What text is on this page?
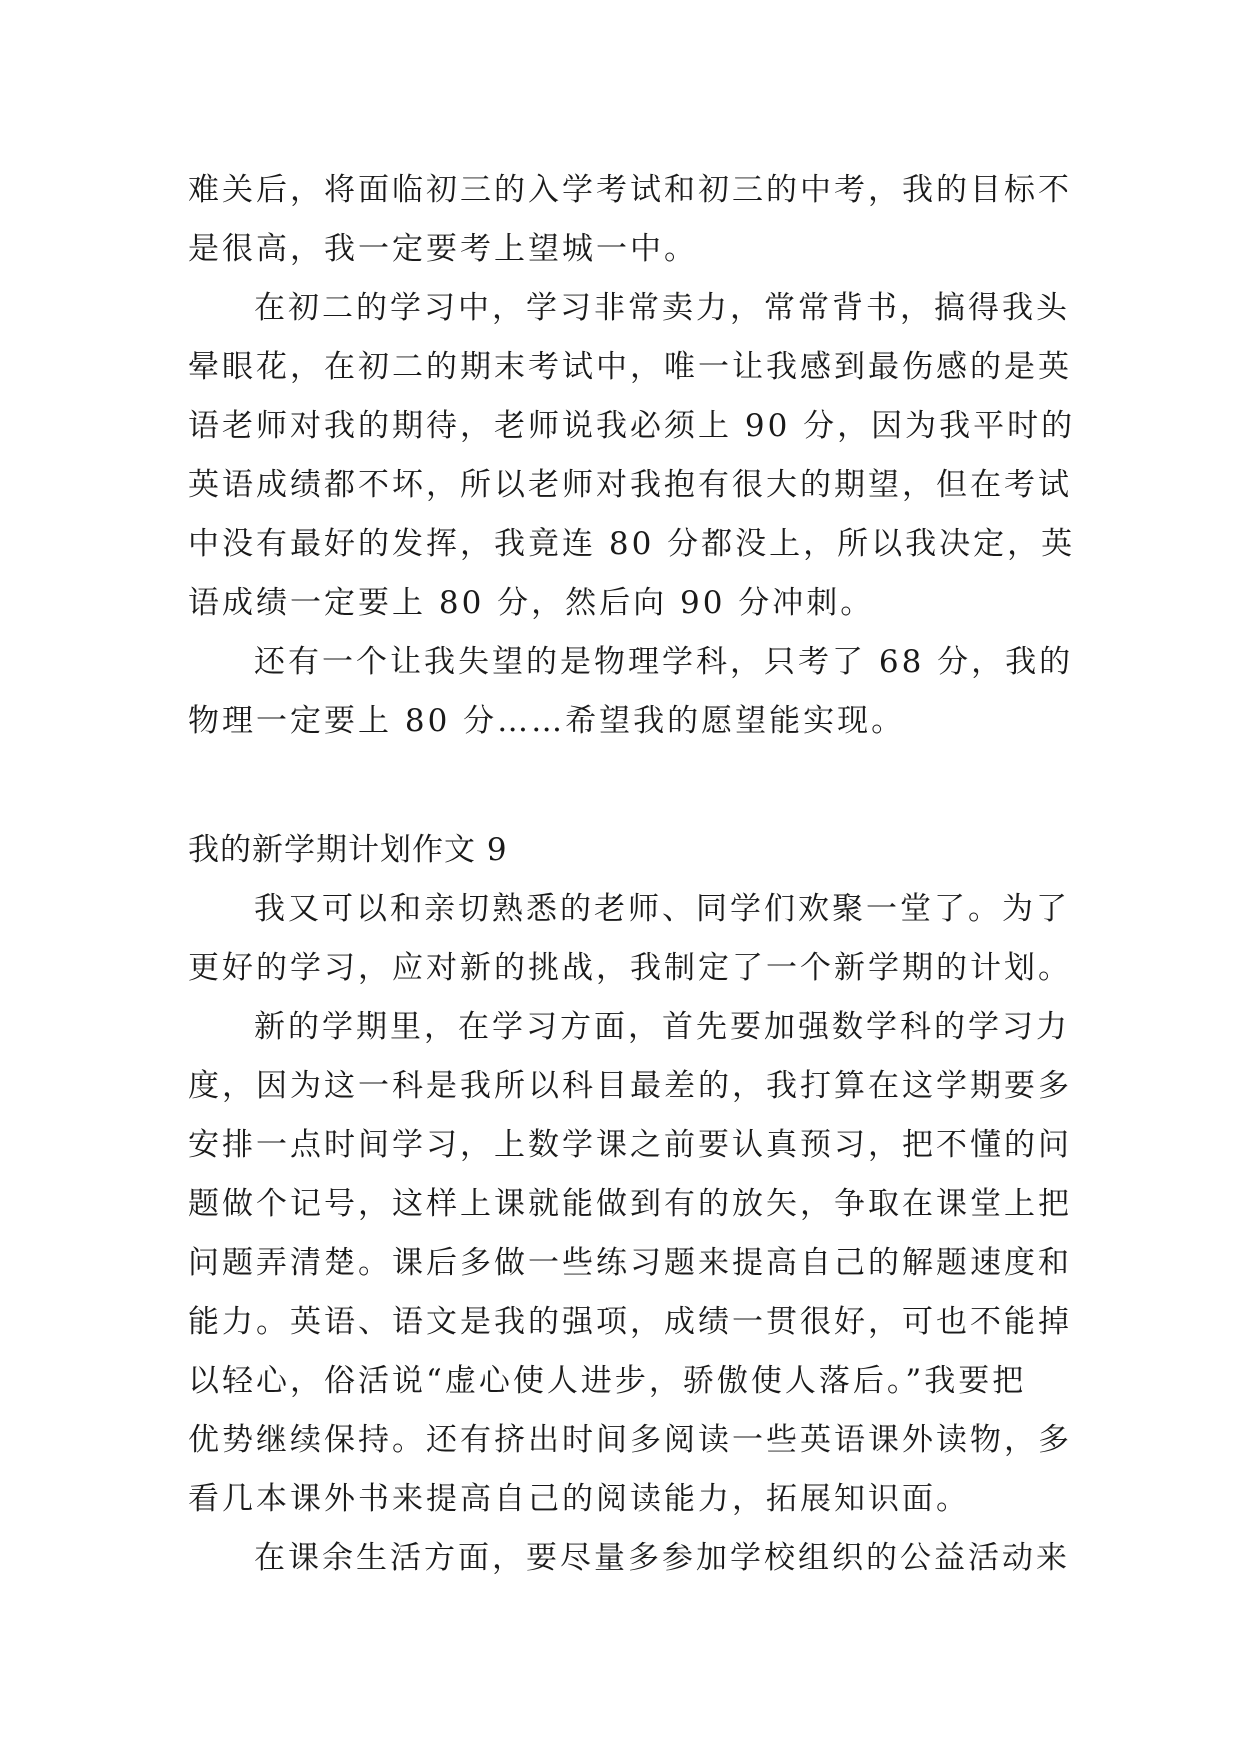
难关后，将面临初三的入学考试和初三的中考，我的目标不
是很高，我一定要考上望城一中。
在初二的学习中，学习非常卖力，常常背书，搞得我头
晕眼花，在初二的期末考试中，唯一让我感到最伤感的是英
语老师对我的期待，老师说我必须上 90 分，因为我平时的
英语成绩都不坏，所以老师对我抱有很大的期望，但在考试
中没有最好的发挥，我竟连 80 分都没上，所以我决定，英
语成绩一定要上 80 分，然后向 90 分冲刺。
还有一个让我失望的是物理学科，只考了 68 分，我的
物理一定要上 80 分……希望我的愿望能实现。
我的新学期计划作文 9
我又可以和亲切熟悉的老师、同学们欢聚一堂了。为了
更好的学习，应对新的挑战，我制定了一个新学期的计划。
新的学期里，在学习方面，首先要加强数学科的学习力
度，因为这一科是我所以科目最差的，我打算在这学期要多
安排一点时间学习，上数学课之前要认真预习，把不懂的问
题做个记号，这样上课就能做到有的放矢，争取在课堂上把
问题弄清楚。课后多做一些练习题来提高自己的解题速度和
能力。英语、语文是我的强项，成绩一贯很好，可也不能掉
以轻心，俗活说“虚心使人进步，骄傲使人落后。”我要把
优势继续保持。还有挤出时间多阅读一些英语课外读物，多
看几本课外书来提高自己的阅读能力，拓展知识面。
在课余生活方面，要尽量多参加学校组织的公益活动来
